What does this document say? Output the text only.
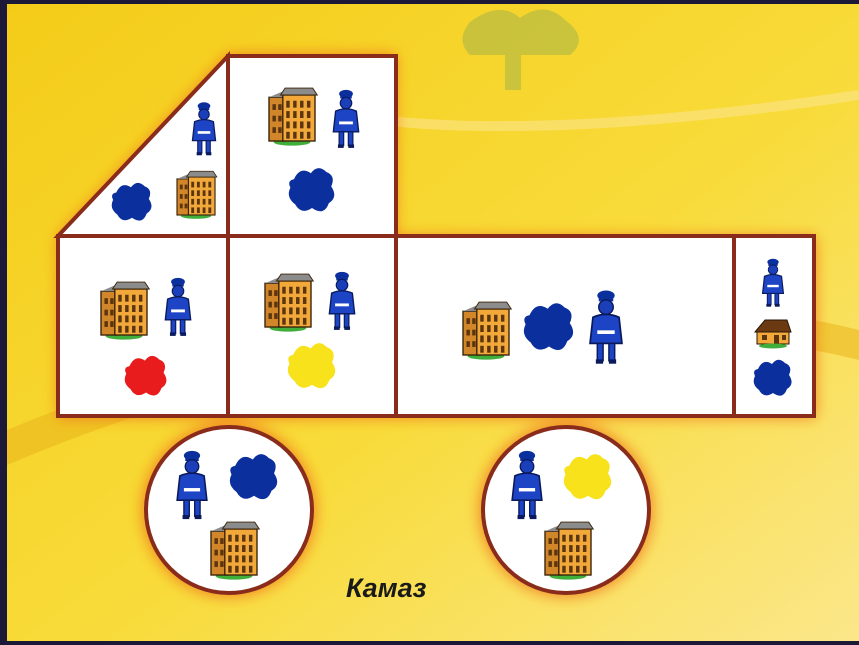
Камаз
